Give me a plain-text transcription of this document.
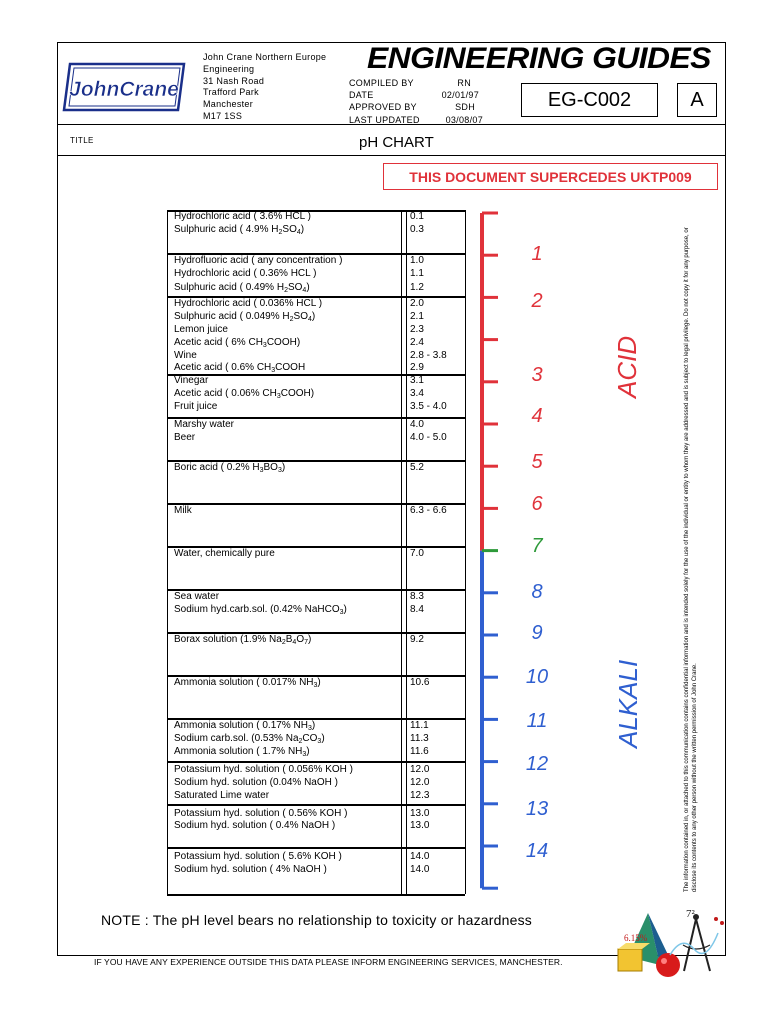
JohnCrane
John Crane Northern Europe
Engineering
31 Nash Road
Trafford Park
Manchester
M17 1SS
ENGINEERING GUIDES
COMPILED BY	RN
DATE	02/01/97
APPROVED BY	SDH
LAST UPDATED	03/08/07
EG-C002	A
TITLE	pH CHART
THIS DOCUMENT SUPERCEDES UKTP009
Hydrochloric acid ( 3.6% HCL )	0.1
Sulphuric acid ( 4.9% $H_2SO_4$)	0.3
Hydrofluoric acid ( any concentration )	1.0
Hydrochloric acid ( 0.36% HCL )	1.1
Sulphuric acid ( 0.49% $H_2SO_4$)	1.2
Hydrochloric acid ( 0.036% HCL )	2.0
Sulphuric acid ( 0.049% $H_2SO_4$)	2.1
Lemon juice	2.3
Acetic acid ( 6% $CH_3COOH$)	2.4
Wine	2.8 - 3.8
Acetic acid ( 0.6% $CH_3COOH$	2.9
Vinegar	3.1
Acetic acid ( 0.06% $CH_3COOH$)	3.4
Fruit juice	3.5 - 4.0
Marshy water	4.0
Beer	4.0 - 5.0
Boric acid ( 0.2% $H_3BO_3$)	5.2
Milk	6.3 - 6.6
Water, chemically pure	7.0
Sea water	8.3
Sodium hyd.carb.sol. (0.42% NaHCO$_3$)	8.4
Borax solution (1.9% $Na_2B_4O_7$)	9.2
Ammonia solution ( 0.017% $NH_3$)	10.6
Ammonia solution ( 0.17% $NH_3$)	11.1
Sodium carb.sol. (0.53% $Na_2CO_3$)	11.3
Ammonia solution ( 1.7% $NH_3$)	11.6
Potassium hyd. solution ( 0.056% KOH )	12.0
Sodium hyd. solution (0.04% NaOH )	12.0
Saturated Lime water	12.3
Potassium hyd. solution ( 0.56% KOH )	13.0
Sodium hyd. solution ( 0.4% NaOH )	13.0
Potassium hyd. solution ( 5.6% KOH )	14.0
Sodium hyd. solution ( 4% NaOH )	14.0
1
2
3
4
5
6
7
8
9
10
11
12
13
14
ACID
ALKALI
NOTE : The pH level bears no relationship to toxicity or hazardness
IF YOU HAVE ANY EXPERIENCE OUTSIDE THIS DATA PLEASE INFORM ENGINEERING SERVICES, MANCHESTER.
The information contained in, or attached to this communication contains confidential information and is intended solely for the use of the individual or entity to whom they are addressed and is subject to legal privilege. Do not copy it for any purpose, or disclose its contents to any other person without the written permission of John Crane.
6.15%
7²
